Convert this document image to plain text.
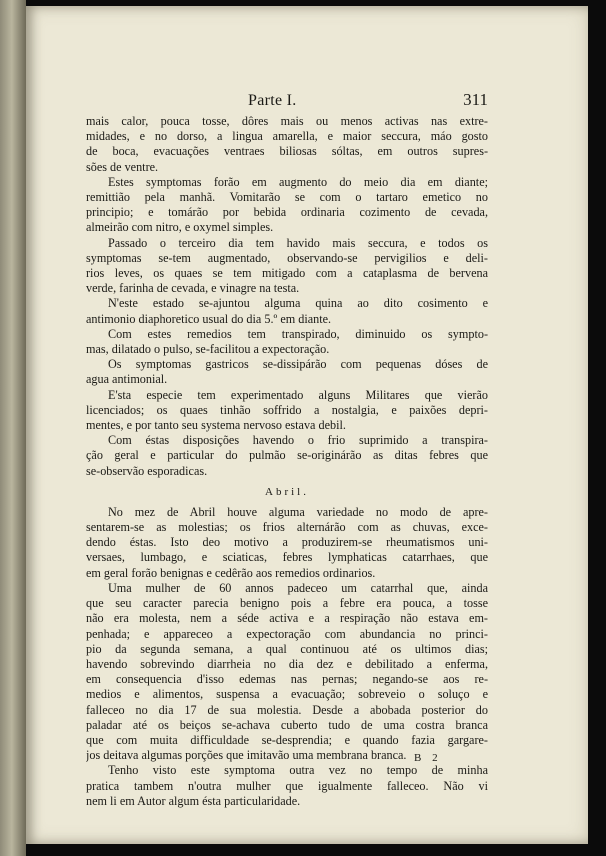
Parte I.	311
mais calor, pouca tosse, dôres mais ou menos activas nas extre-
midades, e no dorso, a lingua amarella, e maior seccura, máo gosto
de boca, evacuações ventraes biliosas sóltas, em outros supres-
sões de ventre.
Estes symptomas forão em augmento do meio dia em diante;
remittião pela manhã. Vomitarão se com o tartaro emetico no
principio; e tomárão por bebida ordinaria cozimento de cevada,
almeirão com nitro, e oxymel simples.
Passado o terceiro dia tem havido mais seccura, e todos os
symptomas se-tem augmentado, observando-se pervigilios e deli-
rios leves, os quaes se tem mitigado com a cataplasma de bervena
verde, farinha de cevada, e vinagre na testa.
N'este estado se-ajuntou alguma quina ao dito cosimento e
antimonio diaphoretico usual do dia 5.º em diante.
Com estes remedios tem transpirado, diminuido os sympto-
mas, dilatado o pulso, se-facilitou a expectoração.
Os symptomas gastricos se-dissipárão com pequenas dóses de
agua antimonial.
E'sta especie tem experimentado alguns Militares que vierão
licenciados; os quaes tinhão soffrido a nostalgia, e paixões depri-
mentes, e por tanto seu systema nervoso estava debil.
Com éstas disposições havendo o frio suprimido a transpira-
ção geral e particular do pulmão se-originárão as ditas febres que
se-observão esporadicas.
Abril.
No mez de Abril houve alguma variedade no modo de apre-
sentarem-se as molestias; os frios alternárão com as chuvas, exce-
dendo éstas. Isto deo motivo a produzirem-se rheumatismos uni-
versaes, lumbago, e sciaticas, febres lymphaticas catarrhaes, que
em geral forão benignas e cedêrão aos remedios ordinarios.
Uma mulher de 60 annos padeceo um catarrhal que, ainda
que seu caracter parecia benigno pois a febre era pouca, a tosse
não era molesta, nem a séde activa e a respiração não estava em-
penhada; e appareceo a expectoração com abundancia no princi-
pio da segunda semana, a qual continuou até os ultimos dias;
havendo sobrevindo diarrheia no dia dez e debilitado a enferma,
em consequencia d'isso edemas nas pernas; negando-se aos re-
medios e alimentos, suspensa a evacuação; sobreveio o soluço e
falleceo no dia 17 de sua molestia. Desde a abobada posterior do
paladar até os beiços se-achava cuberto tudo de uma costra branca
que com muita difficuldade se-desprendia; e quando fazia gargare-
jos deitava algumas porções que imitavão uma membrana branca.
Tenho visto este symptoma outra vez no tempo de minha
pratica tambem n'outra mulher que igualmente falleceo. Não vi
nem li em Autor algum ésta particularidade.
B 2
